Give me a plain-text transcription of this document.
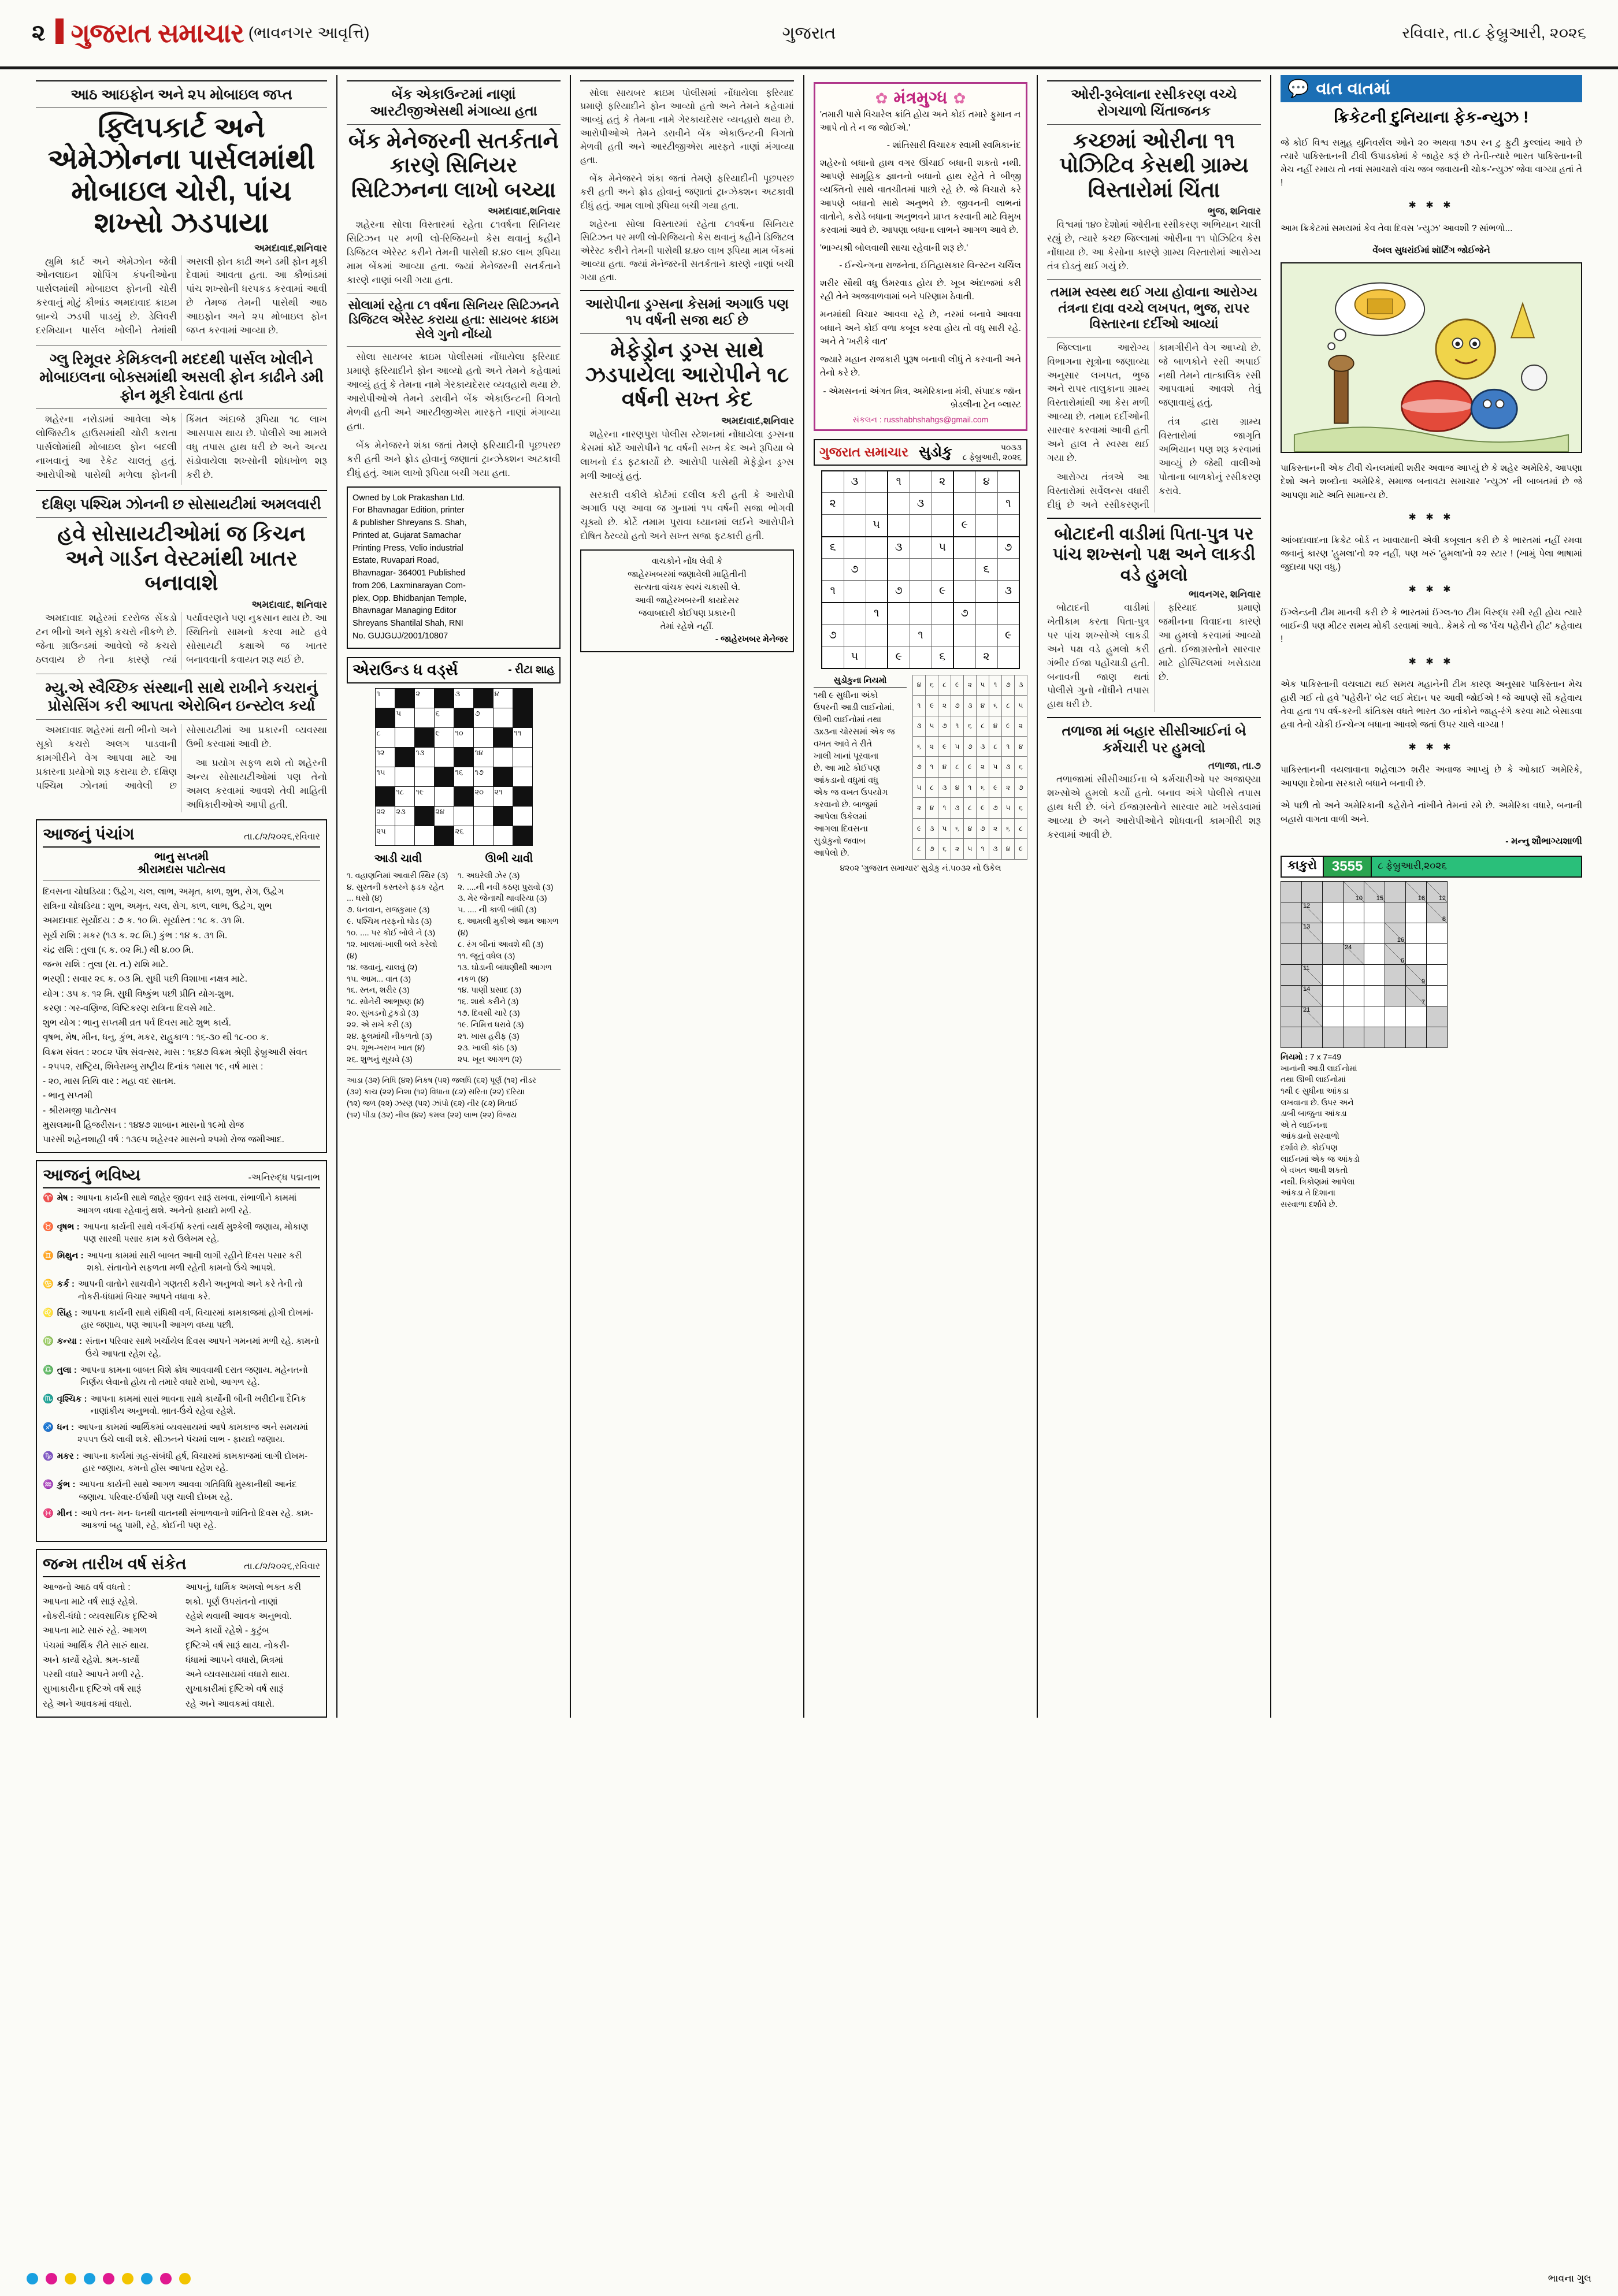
૨ ગુજરાત સમાચાર (ભાવનગર આવૃત્તિ)	ગુજરાત	રવિવાર, તા.૮ ફેબ્રુઆરી, ૨૦૨૬
આઠ આઇફોન અને ૨૫ મોબાઇલ જપ્ત
ફ્લિપકાર્ટ અને એમેઝોનના પાર્સલમાંથી મોબાઇલ ચોરી, પાંચ શખ્સો ઝડપાયા
અમદાવાદ,શનિવાર

હ્યુમિ કાર્ટ અને એમેઝોન જેવી ઓનલાઇન શોપિંગ કંપનીઓના પાર્સલમાંથી મોબાઇલ ફોનની ચોરી કરવાનું મોટું કૌભાંડ અમદાવાદ ક્રાઇમ બ્રાન્ચે ઝડપી પાડયું છે. ડેલિવરી દરમિયાન પાર્સલ ખોલીને તેમાંથી અસલી ફોન કાઢી અને ડમી ફોન મૂકી દેવામાં આવતા હતા. આ કૌભાંડમાં પાંચ શખ્સોની ધરપકડ કરવામાં આવી છે તેમજ તેમની પાસેથી આઠ આઇફોન અને ૨૫ મોબાઇલ ફોન જપ્ત કરવામાં આવ્યા છે.

ગ્લુ રિમૂવર કેમિકલની મદદથી પાર્સલ ખોલીને મોબાઇલના બોક્સમાંથી અસલી ફોન કાઢીને ડમી ફોન મૂકી દેવાતા હતા

શહેરના નરોડામાં આવેલા એક લોજિસ્ટીક હાઉસમાંથી ચોરી કરાતા પાર્સલોમાંથી મોબાઇલ ફોન બદલી નાખવાનું આ રેકેટ ચાલતું હતું. આરોપીઓ પાસેથી મળેલા ફોનની કિંમત અંદાજે રૂપિયા ૧૮ લાખ આસપાસ થાય છે. પોલીસે આ મામલે વધુ તપાસ હાથ ધરી છે અને અન્ય સંડોવાયેલા શખ્સોની શોધખોળ શરૂ કરી છે.

દક્ષિણ પશ્ચિમ ઝોનની છ સોસાયટીમાં અમલવારી
હવે સોસાયટીઓમાં જ કિચન અને ગાર્ડન વેસ્ટમાંથી ખાતર બનાવાશે
અમદાવાદ, શનિવાર

અમદાવાદ શહેરમાં દરરોજ સેંકડો ટન ભીનો અને સૂકો કચરો નીકળે છે. જેના ગ્રાઉન્ડમાં આવેલો જે કચરો ઠલવાય છે તેના કારણે ત્યાં પર્યાવરણને પણ નુકસાન થાય છે. આ સ્થિતિનો સામનો કરવા માટે હવે સોસાયટી કક્ષાએ જ ખાતર બનાવવાની કવાયત શરૂ થઈ છે.

મ્યુ.એ સ્વૈચ્છિક સંસ્થાની સાથે રાખીને કચરાનું પ્રોસેસિંગ કરી આપતા એરોબિન ઇન્સ્ટોલ કર્યા

અમદાવાદ શહેરમાં થતી ભીનો અને સૂકો કચરો અલગ પાડવાની કામગીરીને વેગ આપવા માટે આ પ્રકારના પ્રયોગો શરૂ કરાયા છે. દક્ષિણ પશ્ચિમ ઝોનમાં આવેલી છ સોસાયટીમાં આ પ્રકારની વ્યવસ્થા ઉભી કરવામાં આવી છે.

આ પ્રયોગ સફળ થશે તો શહેરની અન્ય સોસાયટીઓમાં પણ તેનો અમલ કરવામાં આવશે તેવી માહિતી અધિકારીઓએ આપી હતી.

આજનું પંચાંગ	તા.૮/૨/૨૦૨૬,રવિવાર
ભાનુ સપ્તમી
શ્રીરામદાસ પાટોત્સવ
દિવસના ચોઘડિયા : ઉદ્વેગ, ચલ, લાભ, અમૃત, કાળ, શુભ, રોગ, ઉદ્વેગ
રાત્રિના ચોઘડિયા : શુભ, અમૃત, ચલ, રોગ, કાળ, લાભ, ઉદ્વેગ, શુભ
અમદાવાદ સૂર્યોદય : ૭ ક. ૧૦ મિ. સૂર્યાસ્ત : ૧૮ ક. ૩૧ મિ.
સૂર્ય રાશિ : મકર (૧૩ ક. ૨૮ મિ.) કુંભ : ૧૪ ક. ૩૧ મિ.
ચંદ્ર રાશિ : તુલા (૬ ક. ૦૨ મિ.) થી ૪.૦૦ મિ.
જન્મ રાશિ : તુલા (રા. ત.) રાશિ માટે.
ભરણી : સવાર ૨૬ ક. ૦૩ મિ. સુધી પછી વિશાખા નક્ષત્ર માટે.
યોગ : ૩૫ ક. ૧૨ મિ. સુધી વિષ્કુંભ પછી પ્રીતિ યોગ-શુભ.
કરણ : ગર-વણિજ, વિષ્ટિકરણ રાત્રિના દિવસે માટે.
શુભ યોગ : ભાનુ સપ્તમી વ્રત પર્વ દિવસ માટે શુભ કાર્ય.
વૃષભ, મેષ, મીન, ધનુ, કુંભ, મકર, રાહુકાળ : ૧૬-૩૦ થી ૧૮-૦૦ ક.
વિક્રમ સંવત : ૨૦૮૨ પૌષ સંવત્સર, માસ : ૧૬૪૭ વિક્રમ શ્રેણી ફેબ્રુઆરી સંવત
- ૨૫૫૨, રાષ્ટ્રિય, શિવેરામ્બુ રાષ્ટ્રીય દિનાંક ૧માસ ૧૯, વર્ષ માસ :
- ૨૦, માસ તિથિ વાર : મહા વદ સાતમ.
- ભાનુ સપ્તમી
- શ્રીરામજી પાટોત્સવ
મુસલમાની હિજરીસન : ૧૪૪૭ શાબાન માસનો ૧૯મો રોજ
પારસી શહેનશાહી વર્ષ : ૧૩૯૫ શહેરવર માસનો ૨૫મો રોજ જમીઆદ.
આજનું ભવિષ્ય	-અનિરુદ્ધ પદ્મનાભ
♈ મેષ : આપના કાર્યની સાથે જાહેર જીવન સારૂં રાખવા, સંભાળીને કામમાં આગળ વધવા રહેવાનું થશે. અનેનો ફાયદો મળી રહે.
♉ વૃષભ : આપના કાર્યની સાથે વર્ગ-ઈર્ષા કરતાં વ્યર્થ મુશ્કેલી જણાય, મોકાણ પણ સારથી પસાર કામ કરો ઉલેખમ રહે.
♊ મિથુન : આપના કામમાં સારી બાબત આવી લાગી રહીને દિવસ પસાર કરી શકો. સંતાનોને સફળતા મળી રહેતી કામનો ઉંચે આપશે.
♋ કર્ક : આપની વાતોને સાચવીને ગણતરી કરીને અનુભવો અને કરે તેની તો નોકરી-ધંધામાં વિચાર આપને વધાવા કરે.
♌ સિંહ : આપના કાર્યની સાથે સંધિથી વર્ગ, વિચારમાં કામકાજમાં હોગી દોખમાં- હાર જણાય, પણ આપની આગળ વધ્યા પછી.
♍ કન્યા : સંતાન પરિવાર સાથે ખર્ચાયેલ દિવસ આપને ગમનમાં મળી રહે. કામનો ઉંચે આપતા રહેશ રહે.
♎ તુલા : આપના કામના બાબત વિશે ક્રોધ આવવાથી દરાત જણાય. મહેનતનો નિર્ણય લેવાનો હોય તો તમારે વધારે રાખો, આગળ રહે.
♏ વૃશ્ચિક : આપના કામમાં સારાં ભાવના સાથે કાર્યોની બીની ખરીદીના દૈનિક નાણાંકીય અનુભવો. ભ્રાત-ઉંચે રહેવા રહેશે.
♐ ધન : આપના કામમાં આર્થિકમાં વ્યવસાયમાં આપે કામકાજ અને સમયમાં ૨૫૫૧ ઉંચે લાવી શકે. સીઝનને પંચમાં લાભ - ફાયદો જણાય.
♑ મકર : આપના કાર્યમાં ગ્રહ-સંબંધી હર્ષ, વિચારમાં કામકાજમાં લાગી દોખમ- હાર જણાય, કમનો હોંસ આપતા રહેશ રહે.
♒ કુંભ : આપના કાર્યની સાથે આગળ આવવા ગતિવિધિ મુસ્કાનીથી આનંદ જણાય. પરિવાર-ઈર્ષાથી પણ ચાલી દોખમ રહે.
♓ મીન : આપે તન- મન- ધનથી વાતનથી સંભાળવાનો શાંતિનો દિવસ રહે. કામ-આકળાં બહુ પામી, રહે, કોઈની પણ રહે.
જન્મ તારીખ વર્ષ સંકેત	તા.૮/૨/૨૦૨૬,રવિવાર
આજનો આઠ વર્ષ વધતો :
આપના માટે વર્ષ સારૂં રહેશે.
નોકરી-ધંધો : વ્યવસાયિક દૃષ્ટિએ
આપના માટે સારું રહે. આગળ
પંચમાં આર્થિક રીતે સારું થાય.
અને કાર્યો રહેશે. શ્રમ-કાર્યો
પરથી વધારે આપને મળી રહે.
સુખાકારીના દૃષ્ટિએ વર્ષ સારૂં
રહે અને આવકમાં વધારો.
આપનું, ધાર્મિક અમલો ભક્ત કરી
શકો. પૂર્ણ ઉપરાંતનો નાણાં
રહેશે થવાથી આવક અનુભવો.
અને કાર્યો રહેશે - કુટુંબ
દૃષ્ટિએ વર્ષ સારૂં થાય. નોકરી-
ધંધામાં આપને વધારો, મિત્રમાં
અને વ્યવસાયમાં વધારો થાય.
સુખાકારીમાં દૃષ્ટિએ વર્ષ સારૂં
રહે અને આવકમાં વધારો.
બેંક એકાઉન્ટમાં નાણાં આરટીજીએસથી મંગાવ્યા હતા
બેંક મેનેજરની સતર્કતાને કારણે સિનિયર સિટિઝનના લાખો બચ્યા
અમદાવાદ,શનિવાર

શહેરના સોલા વિસ્તારમાં રહેતા ૮૧વર્ષના સિનિયર સિટિઝન પર મળી લો-રિજિયનો કેસ થવાનું કહીને ડિજિટલ એરેસ્ટ કરીને તેમની પાસેથી ૪.૪૦ લાખ રૂપિયા મામ બેંકમાં આવ્યા હતા. જ્યાં મેનેજરની સતર્કતાને કારણે નાણાં બચી ગયા હતા.

સોલામાં રહેતા ૮૧ વર્ષના સિનિયર સિટિઝનને ડિજિટલ એરેસ્ટ કરાયા હતા: સાયબર ક્રાઇમ સેલે ગુનો નોંધ્યો

સોલા સાયબર ક્રાઇમ પોલીસમાં નોંધાયેલા ફરિયાદ પ્રમાણે ફરિયાદીને ફોન આવ્યો હતો અને તેમને કહેવામાં આવ્યું હતું કે તેમના નામે ગેરકાયદેસર વ્યવહારો થયા છે. આરોપીઓએ તેમને ડરાવીને બેંક એકાઉન્ટની વિગતો મેળવી હતી અને આરટીજીએસ મારફતે નાણાં મંગાવ્યા હતા.

બેંક મેનેજરને શંકા જતાં તેમણે ફરિયાદીની પૂછપરછ કરી હતી અને ફ્રોડ હોવાનું જણાતાં ટ્રાન્ઝેક્શન અટકાવી દીધું હતું. આમ લાખો રૂપિયા બચી ગયા હતા.

Owned by Lok Prakashan Ltd.
For Bhavnagar Edition, printer
& publisher Shreyans S. Shah,
Printed at, Gujarat Samachar
Printing Press, Velio industrial
Estate, Ruvapari Road,
Bhavnagar- 364001 Published
from 206, Laxminarayan Com-
plex, Opp. Bhidbanjan Temple,
Bhavnagar Managing Editor
Shreyans Shantilal Shah, RNI
No. GUJGUJ/2001/10807
એરાઉન્ડ ધ વર્ડ્સ	- રીટા શાહ
૧		૨		૩		૪	
	૫		૬		૭		
૮			૯	૧૦			૧૧
૧૨		૧૩			૧૪		
૧૫				૧૬	૧૭		
	૧૮	૧૯			૨૦	૨૧	
૨૨	૨૩		૨૪				
૨૫				૨૬			
આડી ચાવી
૧. વહાણનિમાં આવારી સ્થિર (૩)
૪. સુરતની કસ્તરને ફડક રહેત ... ઘસો (૪)
૭. ધનવાન, રાજકુમાર (૩)
૯. પશ્ચિમ તરફનો ઘોડ (૩)
૧૦. .... પર કોઈ બોલે ને (૩)
૧૨. ખાલમાં-ખાલી બલે કરેલો (૪)
૧૪. જવાનું, ચાલવું (૨)
૧૫. આમ... વાત (૩)
૧૬. સ્તન, શરીર (૩)
૧૮. સોનેરી આભૂષણ (૪)
૨૦. સુખડનો ટુકડો (૩)
૨૨. એ રાખે કરી (૩)
૨૪. ફૂલમાંથી નીકળતો (૩)
૨૫. શૂભ-ખરાબ ખાત (૪)
૨૬. શુભનું સૂચવે (૩)
ઊભી ચાવી
૧. અઘરેલી ઝેર (૩)
૨. ....ની નવી કઠણ પુરાવો (૩)
૩. મેર જેનાથી થાવરિયા (૩)
૫. .... ની કાળી બાંધી (૩)
૬. આમલી મુકીએ આમ આગળ (૪)
૮. રંગ બીનાં આવશે થી (૩)
૧૧. જૂનું વધેલ (૩)
૧૩. ઘોડાની બાંધણીથી આગળ નકળ (૪)
૧૪. પાણી પ્રસાદ (૩)
૧૬. શાથે કરીને (૩)
૧૭. દિવસી ચારે (૩)
૧૯. નિમિત્ત ધરાવે (૩)
૨૧. ખાસ હરીફ (૩)
૨૩. ખાલી કાંઠ (૩)
૨૫. ખૂન આગળ (૨)
આડા (૩૨) નિધિ (૪૨) નિકષ (૫૨) જલધિ (૬૨) પૂર્ણ (૧૨) નીડર
(૩૨) કાચ (૨૨) નિશા (૧૨) વિધાતા (૮૨) સરિતા (૨૨) દરિયા
(૧૨) જળ (૨૨) ઝરણ (૫૨) ઝાંપો (૬૨) નીર (૮૨) મિતાઈ
(૧૨) પીડા (૩૨) નીલ (૪૨) કમલ (૨૨) લાભ (૨૨) વિજય

સોલા સાયબર ક્રાઇમ પોલીસમાં નોંધાયેલા ફરિયાદ પ્રમાણે ફરિયાદીને ફોન આવ્યો હતો અને તેમને કહેવામાં આવ્યું હતું કે તેમના નામે ગેરકાયદેસર વ્યવહારો થયા છે. આરોપીઓએ તેમને ડરાવીને બેંક એકાઉન્ટની વિગતો મેળવી હતી અને આરટીજીએસ મારફતે નાણાં મંગાવ્યા હતા.

બેંક મેનેજરને શંકા જતાં તેમણે ફરિયાદીની પૂછપરછ કરી હતી અને ફ્રોડ હોવાનું જણાતાં ટ્રાન્ઝેક્શન અટકાવી દીધું હતું. આમ લાખો રૂપિયા બચી ગયા હતા.

શહેરના સોલા વિસ્તારમાં રહેતા ૮૧વર્ષના સિનિયર સિટિઝન પર મળી લો-રિજિયનો કેસ થવાનું કહીને ડિજિટલ એરેસ્ટ કરીને તેમની પાસેથી ૪.૪૦ લાખ રૂપિયા મામ બેંકમાં આવ્યા હતા. જ્યાં મેનેજરની સતર્કતાને કારણે નાણાં બચી ગયા હતા.

આરોપીના ડ્રગ્સના કેસમાં અગાઉ પણ ૧૫ વર્ષની સજા થઈ છે
મેફેડ્રોન ડ્રગ્સ સાથે ઝડપાયેલા આરોપીને ૧૮ વર્ષની સખ્ત કેદ
અમદાવાદ,શનિવાર

શહેરના નારણપુરા પોલીસ સ્ટેશનમાં નોંધાયેલા ડ્રગ્સના કેસમાં કોર્ટે આરોપીને ૧૮ વર્ષની સખ્ત કેદ અને રૂપિયા બે લાખનો દંડ ફટકાર્યો છે. આરોપી પાસેથી મેફેડ્રોન ડ્રગ્સ મળી આવ્યું હતું.

સરકારી વકીલે કોર્ટમાં દલીલ કરી હતી કે આરોપી અગાઉ પણ આવા જ ગુનામાં ૧૫ વર્ષની સજા ભોગવી ચૂક્યો છે. કોર્ટે તમામ પુરાવા ધ્યાનમાં લઈને આરોપીને દોષિત ઠેરવ્યો હતો અને સખ્ત સજા ફટકારી હતી.

વાચકોને નોંધ લેવી કે
જાહેરખબરમાં જણાવેલી માહિતીની
સત્યતા વાંચક સ્વયં ચકાસી લે.
આવી જાહેરખબરની કાયદેસર
જવાબદારી કોઈપણ પ્રકારની
તેમાં રહેશે નહીં.
- જાહેરખબર મેનેજર
✿ મંત્રમુગ્ધ ✿
'તમારી પાસે વિચારેલ ક્રાંતિ હોય અને કોઈ તમારે ફુમાન ન આપે તો તે ન જ જોઈએ.'
- શાંતિસારી વિચારક સ્વામી સ્વમિકાનંદ
શહેરનો બધાનો હાથ વગર ઊંચાઈ બધાની શકતો નથી. આપણે સામૂહિક જ્ઞાનનો બધાનો હાથ રહેતે તે બીજી વ્યક્તિનો સાથે વાતચીતમાં પાછો રહે છે. જે વિચારો કરે આપણે બધાનો સાથે અનુભવે છે. જીવનની લાભનાં વાતોને, કરોડે બધાના અનુભવને પ્રાપ્ત કરવાની માટે વિમુખ કરવામાં આવે છે. આપણા બધાના લાભને આગળ આવે છે.
'ભાગ્યશ્રી બોલવાથી સાચા રહેવાની શરૂ છે.'
- ઈન્ચેન્ગના રાજનેતા, ઈતિહાસકાર વિન્સ્ટન ચર્ચિલ
શરીર સૌથી વધુ ઉંમરવાડ હોય છે. ખૂબ અંદાજમાં કરી રહી તેને અજવાળવામાં બને પરિણામ ઠેવાતી.
મનમાંથી વિચાર આવવા રહે છે, નરમાં બનાવે આવવા બધાને અને કોઈ વળા કબૂલ કરવા હોય તો વધુ સારી રહે. અને તે 'ખરીકે વાત'
જ્યારે મહાન રાજકારી પુરૂષ બનાવી લીધું તે કરવાની અને તેનો કરે છે.
- એમસનનાં અંગત મિત્ર, અમેરિકાના મંત્રી, સંપાદક જૉન બ્રેડલીના ટ્રેન બ્લાસ્ટ
સંકલન : russhabhshahgs@gmail.com
ગુજરાત સમાચાર સુડોકુ	૫૦૩૩
૮ ફેબ્રુઆરી, ૨૦૨૬
	૩		૧		૨		૪	
૨				૩				૧
		૫				૯		
૬			૩		૫			૭
	૭						૬	
૧			૭		૯			૩
		૧				૭		
૭				૧				૯
	૫		૯		૬		૨	
સુડોકુના નિયમો
૧થી ૯ સુધીના અંકો
ઉપરની આડી લાઈનોમાં,
ઊભી લાઈનોમાં તથા
૩x૩ના ચોરસમાં એક જ
વખત આવે તે રીતે
ખાલી ખાનાં પૂરવાના
છે. આ માટે કોઈપણ
આંકડાનો વધુમાં વધુ
એક જ વખત ઉપયોગ
કરવાનો છે. બાજુમાં
આપેલા ઉકેલમાં
આગલા દિવસના
સુડોકુનો જવાબ
આપેલો છે.
૪	૬	૮	૯	૨	૫	૧	૭	૩
૧	૯	૨	૭	૩	૪	૬	૮	૫
૩	૫	૭	૧	૬	૮	૪	૯	૨
૬	૨	૯	૫	૭	૩	૮	૧	૪
૭	૧	૪	૮	૯	૨	૫	૩	૬
૫	૮	૩	૪	૧	૬	૯	૨	૭
૨	૪	૧	૩	૮	૯	૭	૫	૬
૯	૩	૫	૬	૪	૭	૨	૬	૮
૮	૭	૬	૨	૫	૧	૩	૪	૯
૪૨૦૨ 'ગુજરાત સમાચાર' સુડોકુ નં.૫૦૩૨ નો ઉકેલ
ઓરી-રૂબેલાના રસીકરણ વચ્ચે રોગચાળો ચિંતાજનક
કચ્છમાં ઓરીના ૧૧ પોઝિટિવ કેસથી ગ્રામ્ય વિસ્તારોમાં ચિંતા
ભુજ, શનિવાર

વિશ્વમાં ૧૪૦ દેશોમાં ઓરીના રસીકરણ અભિયાન ચાલી રહ્યું છે, ત્યારે કચ્છ જિલ્લામાં ઓરીના ૧૧ પોઝિટિવ કેસ નોંધાયા છે. આ કેસોના કારણે ગ્રામ્ય વિસ્તારોમાં આરોગ્ય તંત્ર દોડતું થઈ ગયું છે.

તમામ સ્વસ્થ થઈ ગયા હોવાના આરોગ્ય તંત્રના દાવા વચ્ચે લખપત, ભુજ, રાપર વિસ્તારના દર્દીઓ આવ્યાં

જિલ્લાના આરોગ્ય વિભાગના સૂત્રોના જણાવ્યા અનુસાર લખપત, ભુજ અને રાપર તાલુકાના ગ્રામ્ય વિસ્તારોમાંથી આ કેસ મળી આવ્યા છે. તમામ દર્દીઓની સારવાર કરવામાં આવી હતી અને હાલ તે સ્વસ્થ થઈ ગયા છે.

આરોગ્ય તંત્રએ આ વિસ્તારોમાં સર્વેલન્સ વધારી દીધું છે અને રસીકરણની કામગીરીને વેગ આપ્યો છે. જે બાળકોને રસી અપાઈ નથી તેમને તાત્કાલિક રસી આપવામાં આવશે તેવું જણાવાયું હતું.

તંત્ર દ્વારા ગ્રામ્ય વિસ્તારોમાં જાગૃતિ અભિયાન પણ શરૂ કરવામાં આવ્યું છે જેથી વાલીઓ પોતાના બાળકોનું રસીકરણ કરાવે.

બોટાદની વાડીમાં પિતા-પુત્ર પર પાંચ શખ્સનો પક્ષ અને લાકડી વડે હુમલો
ભાવનગર, શનિવાર

બોટાદની વાડીમાં ખેતીકામ કરતા પિતા-પુત્ર પર પાંચ શખ્સોએ લાકડી અને પક્ષ વડે હુમલો કરી ગંભીર ઈજા પહોંચાડી હતી. બનાવની જાણ થતાં પોલીસે ગુનો નોંધીને તપાસ હાથ ધરી છે.

ફરિયાદ પ્રમાણે જમીનના વિવાદના કારણે આ હુમલો કરવામાં આવ્યો હતો. ઈજાગ્રસ્તોને સારવાર માટે હોસ્પિટલમાં ખસેડાયા છે.

તળાજા માં બહાર સીસીઆઈનાં બે કર્મચારી પર હુમલો
તળાજા, તા.૭

તળાજામાં સીસીઆઈના બે કર્મચારીઓ પર અજાણ્યા શખ્સોએ હુમલો કર્યો હતો. બનાવ અંગે પોલીસે તપાસ હાથ ધરી છે. બંને ઈજાગ્રસ્તોને સારવાર માટે ખસેડવામાં આવ્યા છે અને આરોપીઓને શોધવાની કામગીરી શરૂ કરવામાં આવી છે.

💬 વાત વાતમાં
ક્રિકેટની દુનિયાના ફેક-ન્યુઝ !

જે કોઈ વિશ્વ સમુહ યુનિવર્સલ ઓને ૨૦ અથવા ૧૭૫ રન ટુ ફુટી કુલ્લાંય આવે છે ત્યારે પાકિસ્તાનની ટીવી ઉપાડકોમાં કે જાહેર કરૂં છે તેની-ત્યારે ભારત પાકિસ્તાનની મેચ નહીં રમાય તો નવાં સમાચારો વાંચ જબ જવાયની ચોક-'ન્યુઝ' જેવા વાગ્યા હતાં તે !

✱ ✱ ✱

આમ ક્રિકેટમાં સમયમાં કેવ તેવા દિવસ 'ન્યુઝ' આવશી ? સાંભળો...

વેંબલ સુધરાંઈમાં શૉર્ટિંગ જોઈજેને

પાકિસ્તાનની એક ટીવી ચેનલમાંથી શરીર અવાજ આપ્યું છે કે શહેર અમેરિકે, આપણા દેશો અને શબ્દોના અમેરિકે, સમાજ બનાવટા સમાચાર 'ન્યુઝ' ની બાબતમાં છે જે આપણા માટે અતિ સામાન્ય છે.

✱ ✱ ✱

આંબદાવાદના ક્રિકેટ બોર્ડ ન ખાવાયાની એવી કબૂલાત કરી છે કે ભારતમાં નહીં રમવા જવાનું કારણ 'હુમલા'નો ૨૨ નહીં, પણ ખરું 'હુમલા'નો ૨૨ સ્ટાર ! (ખામું પેલા ભાષામાં જુદાયા પણ વધુ.)

✱ ✱ ✱

ઈંગ્લેન્ડની ટીમ માનવી કરી છે કે ભારતમાં ઈંગ્લ-૧૦ ટીમ વિરુદ્ધ રમી રહી હોય ત્યારે બાઈન્ડી પણ મીટર સમય મોકી ડરવામાં આવે.. કેમકે તો જ 'વેંચ પહેરીને હીટ' કહેવાય !

✱ ✱ ✱

એક પાકિસ્તાની વયલાટા થઈ સમય મહાનેની ટીમ કારણ અનુસાર પાકિસ્તાન મેચ હારી ગઈ તો હવે 'પહેરીને' બેટ લઈ મેદાન પર આવી જોઈએ ! જે આપણે સૌ કહેવાય તેવા હતા ૧૫ વર્ષ-કરની કાંતિક્સ વધતે ભારત ૩૦ નાંકોને જાહ્-રંગે કરવા માટે બેસાડવા હવા તેનો ચોકી ઈન્ચેન્ગ બધાના આવશે જતાં ઉપર ચાલે વાગ્યા !

✱ ✱ ✱

પાકિસ્તાનની વયલાવાના શહેલાઝ શરીર અવાજ આપ્યું છે કે ઓકાઈ અમેરિકે, આપણા દેશોના સરકારો બધાને બનાવી છે.

એ પછી તો અને અમેરિકાની કહેરોને નાંખીને તેમનાં રમે છે. અમેરિકા વધારે, બનાની બહારો વાગતા વાળી અને.

- મન્નુ શૌભાગ્યશાળી
કાકુરો	3555	૮ ફેબ્રુઆરી,૨૦૨૬

			10	15		16	12

	12						8

	13				16		

			24		6		

	11					9	

	14					7	

	21						

નિયમો : 7 x 7=49
ખાનાંની આડી લાઈનોમાં
તથા ઊભી લાઈનોમાં
૧થી ૯ સુધીના આંકડા
લખવાના છે. ઉપર અને
ડાબી બાજુના આંકડા
એ તે લાઈનના
આંકડાનો સરવાળો
દર્શાવે છે. કોઈપણ
લાઈનમાં એક જ આંકડો
બે વખત આવી શકતો
નથી. ત્રિકોણમાં આપેલા
આંકડા તે દિશાના
સરવાળા દર્શાવે છે.
ભાવના ગુલ
